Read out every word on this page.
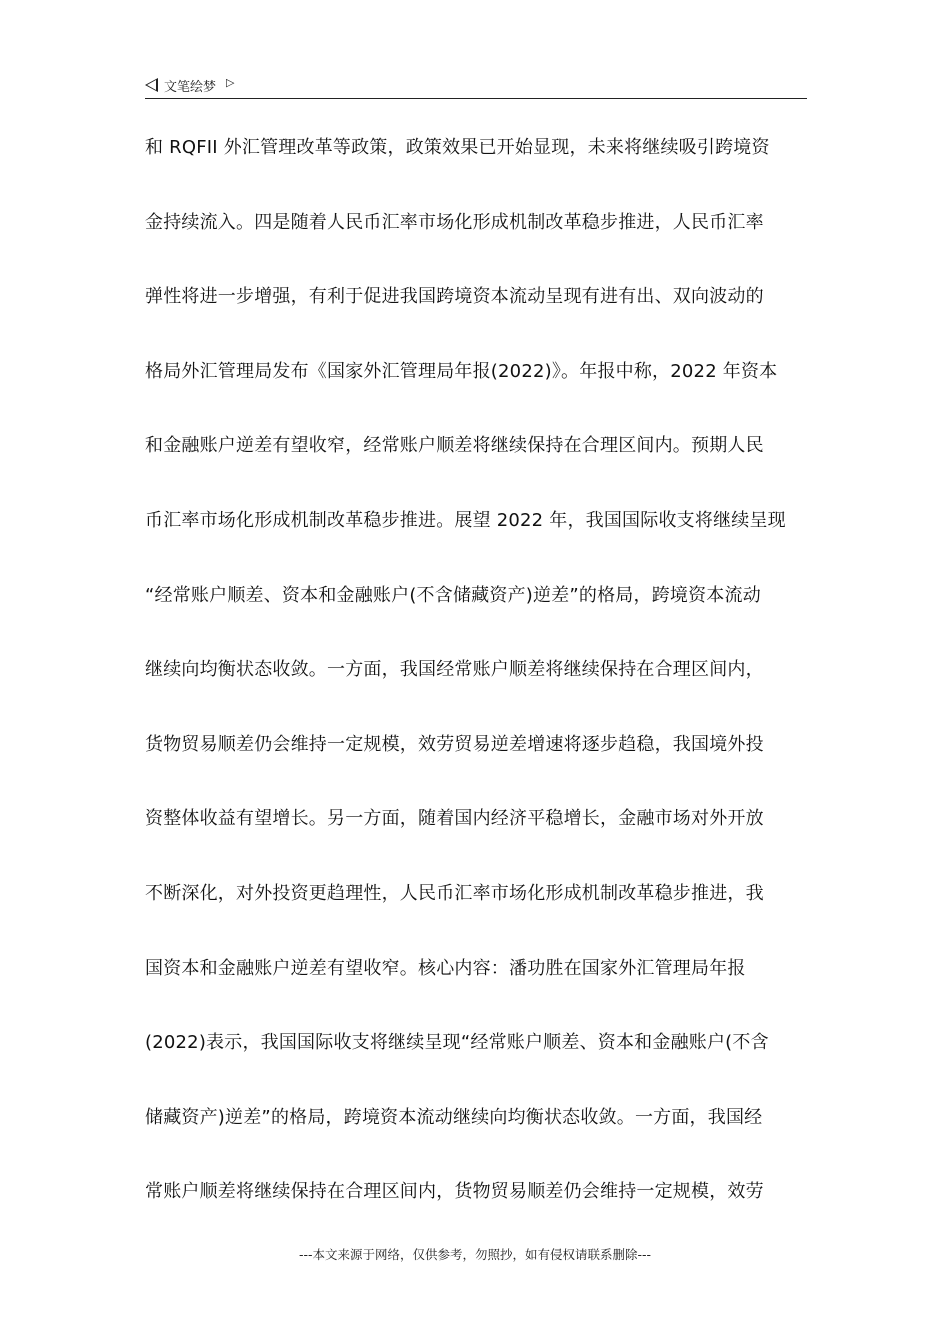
文笔绘梦 ▷
和 RQFII 外汇管理改革等政策，政策效果已开始显现，未来将继续吸引跨境资
金持续流入。四是随着人民币汇率市场化形成机制改革稳步推进，人民币汇率
弹性将进一步增强，有利于促进我国跨境资本流动呈现有进有出、双向波动的
格局外汇管理局发布《国家外汇管理局年报(2022)》。年报中称，2022 年资本
和金融账户逆差有望收窄，经常账户顺差将继续保持在合理区间内。预期人民
币汇率市场化形成机制改革稳步推进。展望 2022 年，我国国际收支将继续呈现
“经常账户顺差、资本和金融账户(不含储藏资产)逆差”的格局，跨境资本流动
继续向均衡状态收敛。一方面，我国经常账户顺差将继续保持在合理区间内，
货物贸易顺差仍会维持一定规模，效劳贸易逆差增速将逐步趋稳，我国境外投
资整体收益有望增长。另一方面，随着国内经济平稳增长，金融市场对外开放
不断深化，对外投资更趋理性，人民币汇率市场化形成机制改革稳步推进，我
国资本和金融账户逆差有望收窄。核心内容：潘功胜在国家外汇管理局年报
(2022)表示，我国国际收支将继续呈现“经常账户顺差、资本和金融账户(不含
储藏资产)逆差”的格局，跨境资本流动继续向均衡状态收敛。一方面，我国经
常账户顺差将继续保持在合理区间内，货物贸易顺差仍会维持一定规模，效劳
---本文来源于网络，仅供参考，勿照抄，如有侵权请联系删除---
